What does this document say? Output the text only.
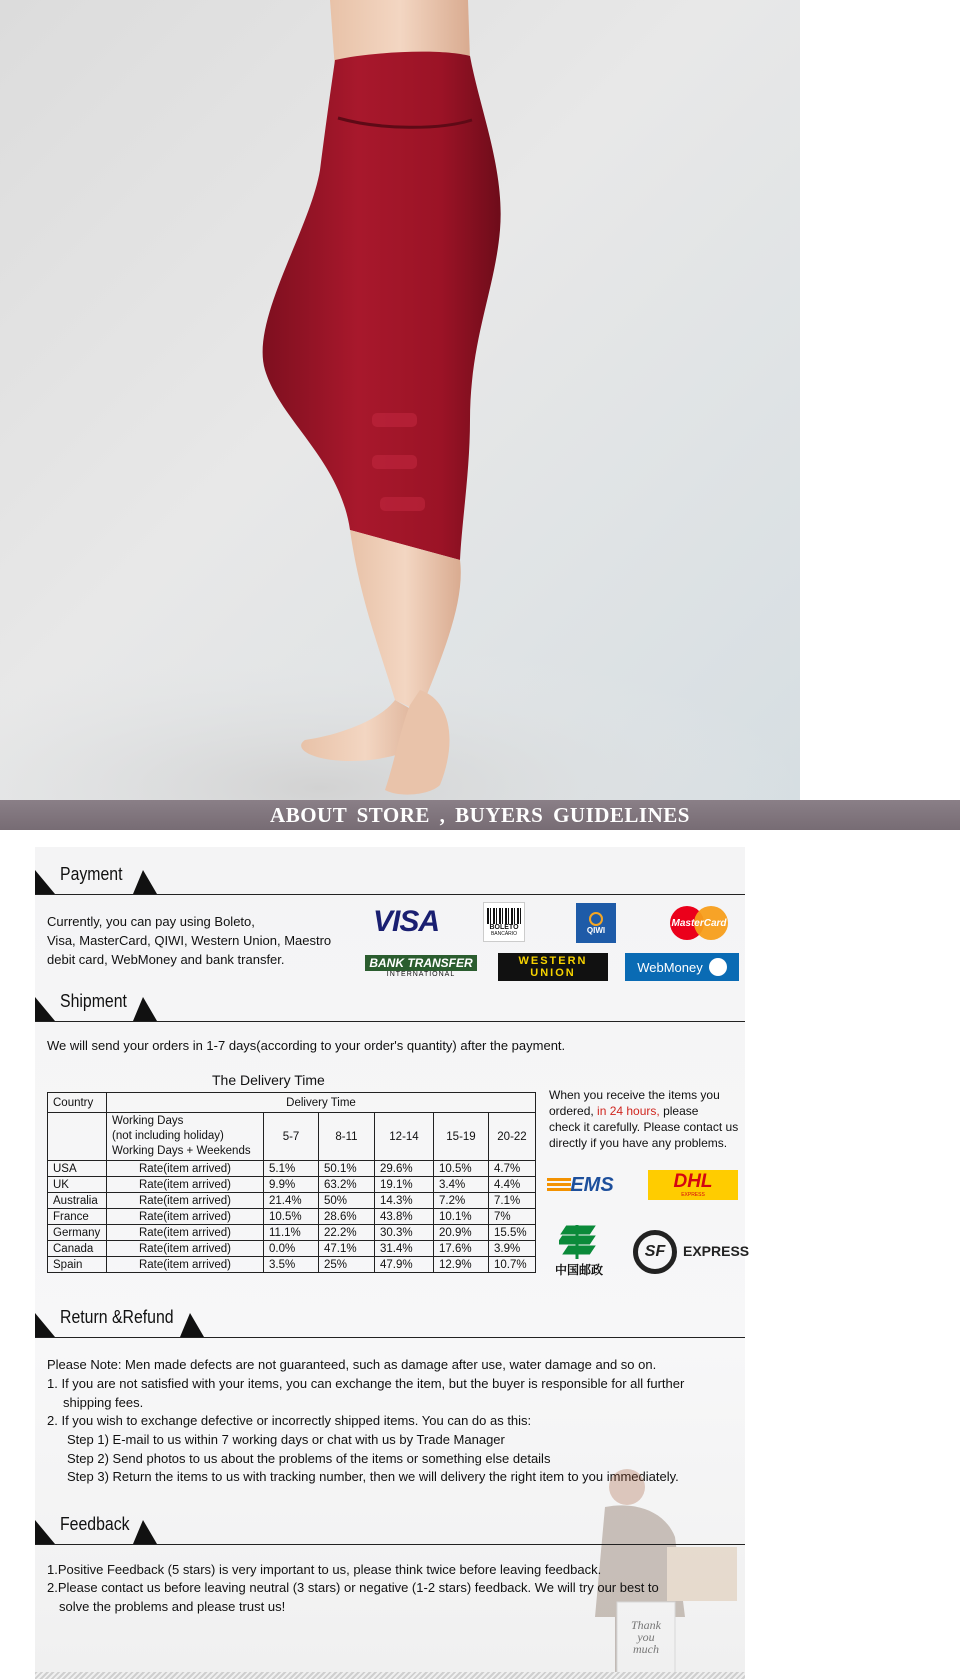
ABOUT STORE , BUYERS GUIDELINES
Payment
Currently, you can pay using Boleto,
Visa, MasterCard, QIWI, Western Union, Maestro
debit card, WebMoney and bank transfer.
VISA	BOLETO
BANCÁRIO	QIWI
MasterCard
BANK TRANSFER
INTERNATIONAL
WESTERN
UNION	WebMoney
Shipment
We will send your orders in 1-7 days(according to your order's quantity) after the payment.
The Delivery Time
Country	Delivery Time					

	Working Days
(not including holiday)
Working Days + Weekends	5-7	8-11	12-14	15-19	20-22
USA	Rate(item arrived)	5.1%	50.1%	29.6%	10.5%	4.7%
UK	Rate(item arrived)	9.9%	63.2%	19.1%	3.4%	4.4%
Australia	Rate(item arrived)	21.4%	50%	14.3%	7.2%	7.1%
France	Rate(item arrived)	10.5%	28.6%	43.8%	10.1%	7%
Germany	Rate(item arrived)	11.1%	22.2%	30.3%	20.9%	15.5%
Canada	Rate(item arrived)	0.0%	47.1%	31.4%	17.6%	3.9%
Spain	Rate(item arrived)	3.5%	25%	47.9%	12.9%	10.7%
When you receive the items you
ordered, in 24 hours, please
check it carefully. Please contact us
directly if you have any problems.
EMS	DHL
EXPRESS
中国邮政
SF EXPRESS
Return &Refund
Please Note: Men made defects are not guaranteed, such as damage after use, water damage and so on.
1. If you are not satisfied with your items, you can exchange the item, but the buyer is responsible for all further
shipping fees.
2. If you wish to exchange defective or incorrectly shipped items. You can do as this:
Step 1) E-mail to us within 7 working days or chat with us by Trade Manager
Step 2) Send photos to us about the problems of the items or something else details
Step 3) Return the items to us with tracking number, then we will delivery the right item to you immediately.
Thank
you
much
Feedback
1.Positive Feedback (5 stars) is very important to us, please think twice before leaving feedback.
2.Please contact us before leaving neutral (3 stars) or negative (1-2 stars) feedback. We will try our best to
solve the problems and please trust us!
